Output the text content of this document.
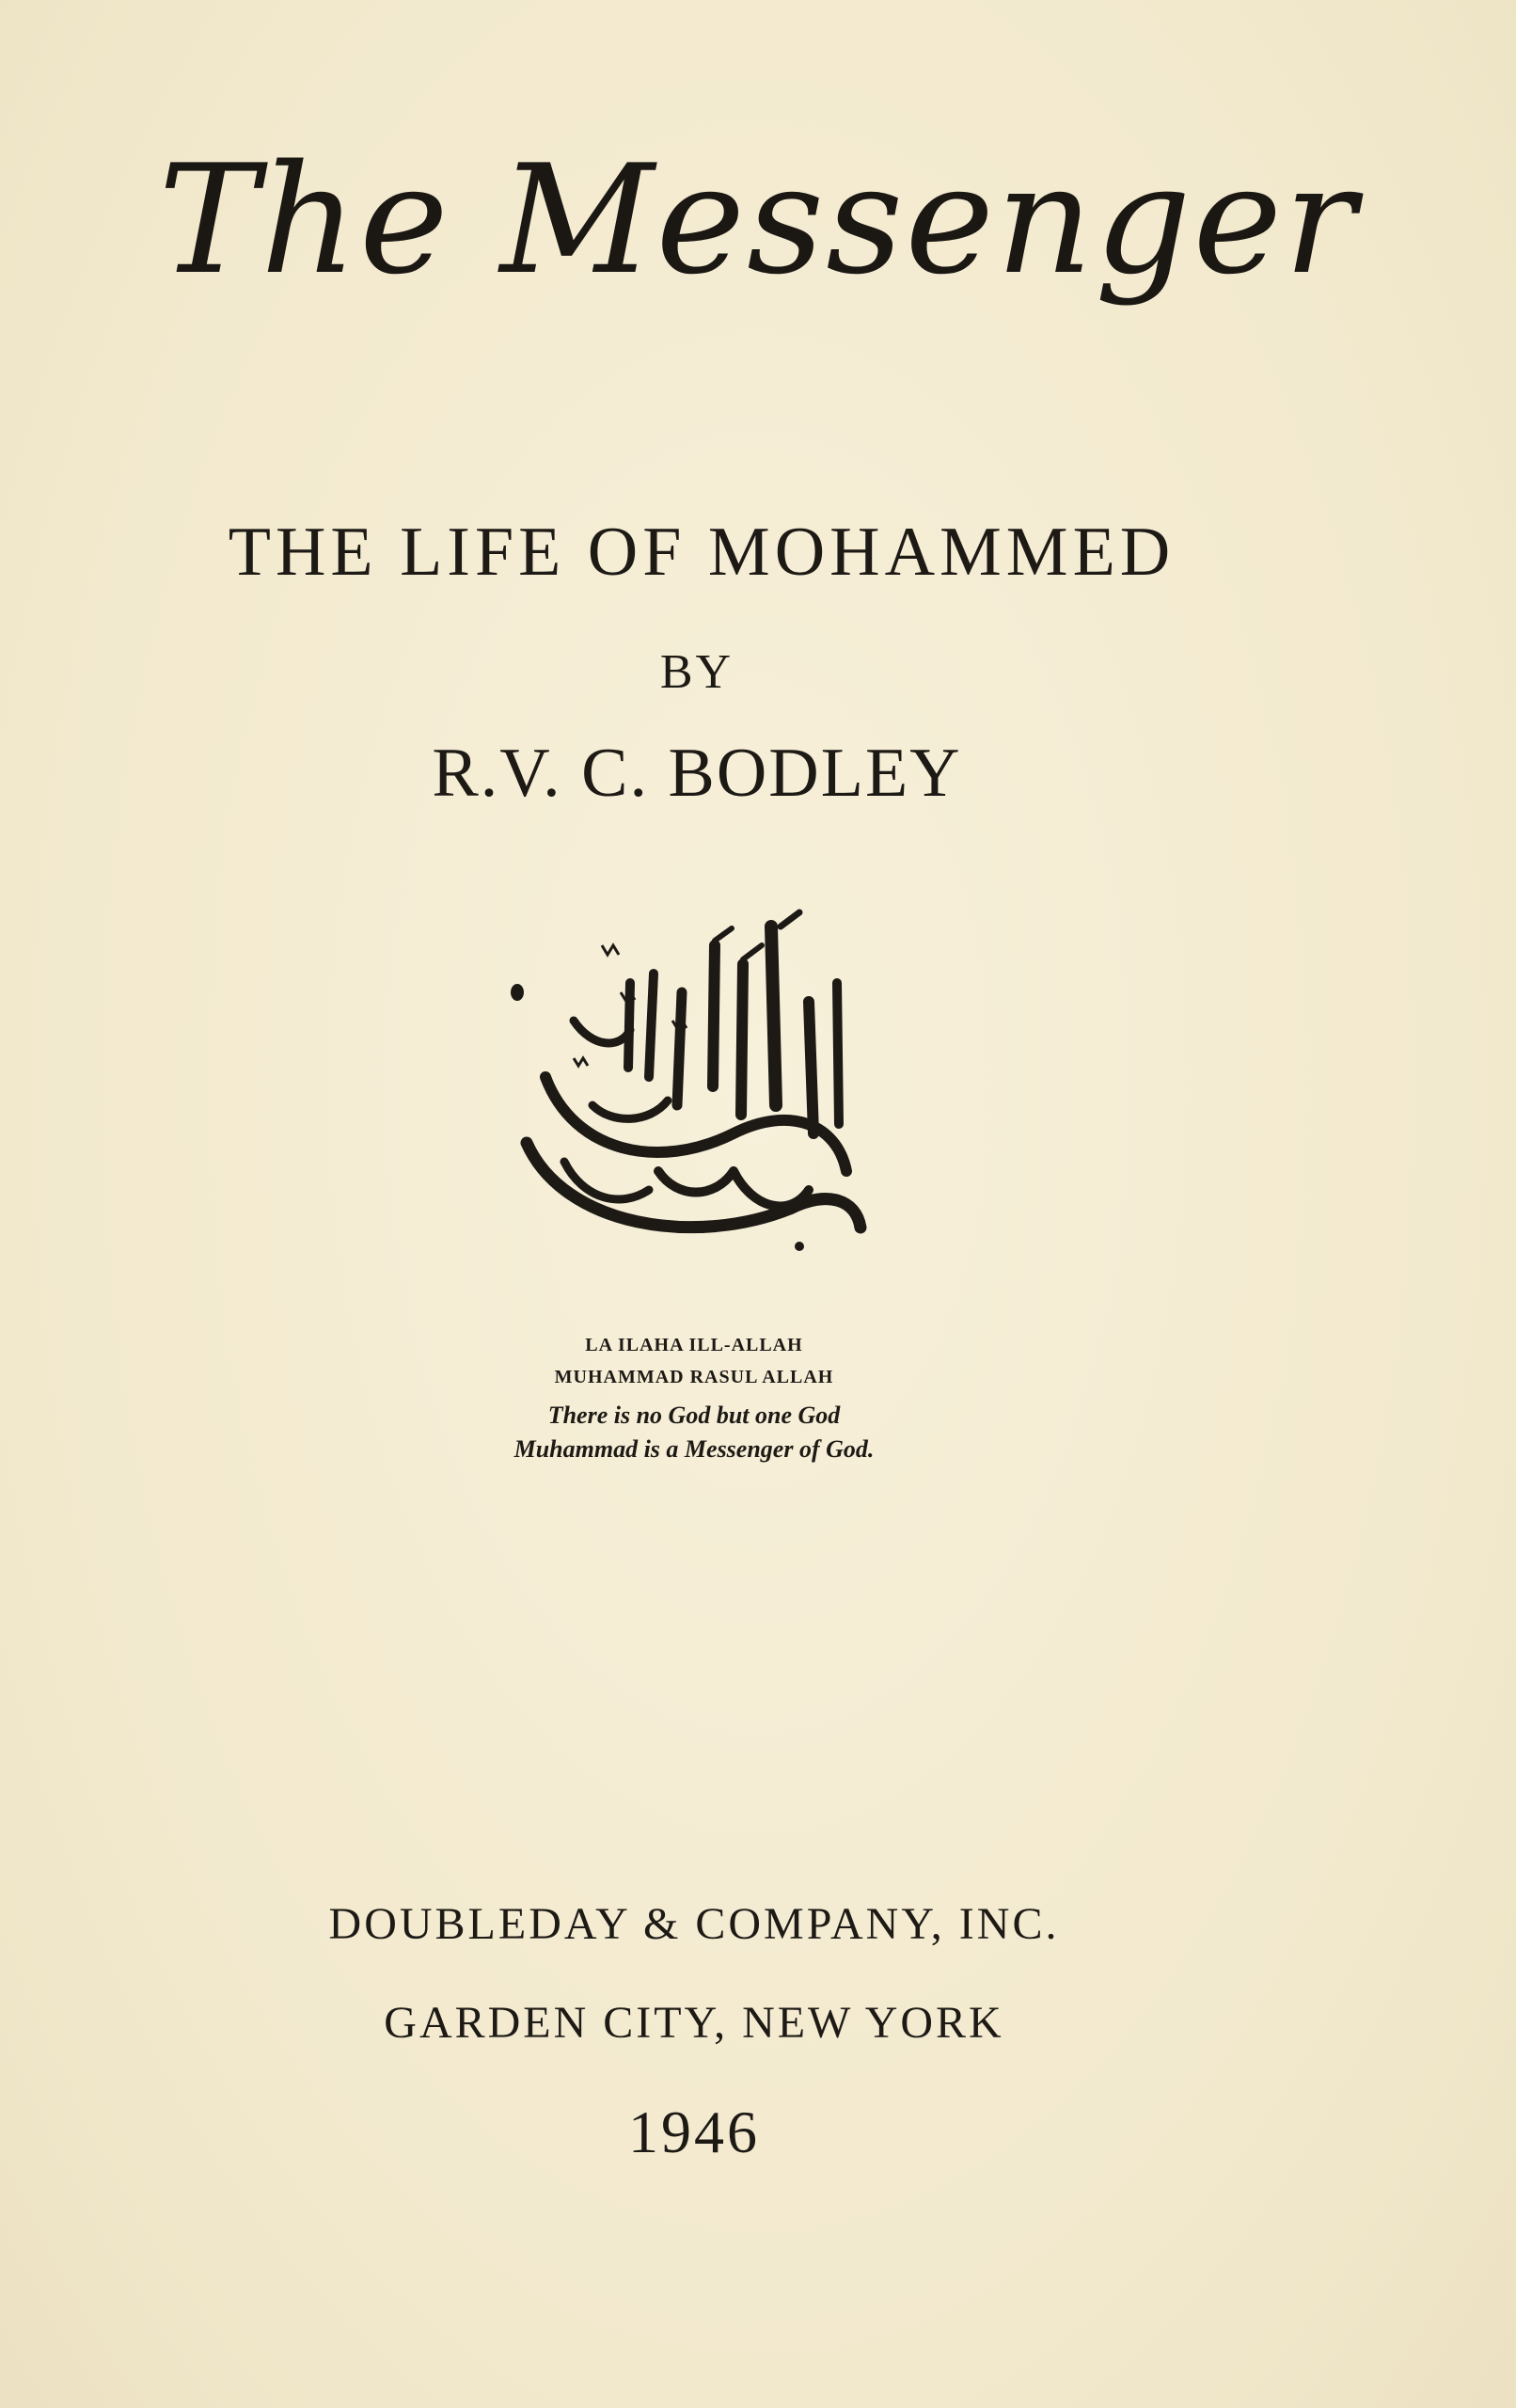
The Messenger
THE LIFE OF MOHAMMED
BY
R.V. C. BODLEY
LA ILAHA ILL-ALLAH
MUHAMMAD RASUL ALLAH
There is no God but one God
Muhammad is a Messenger of God.
DOUBLEDAY & COMPANY, INC.
GARDEN CITY, NEW YORK
1946
